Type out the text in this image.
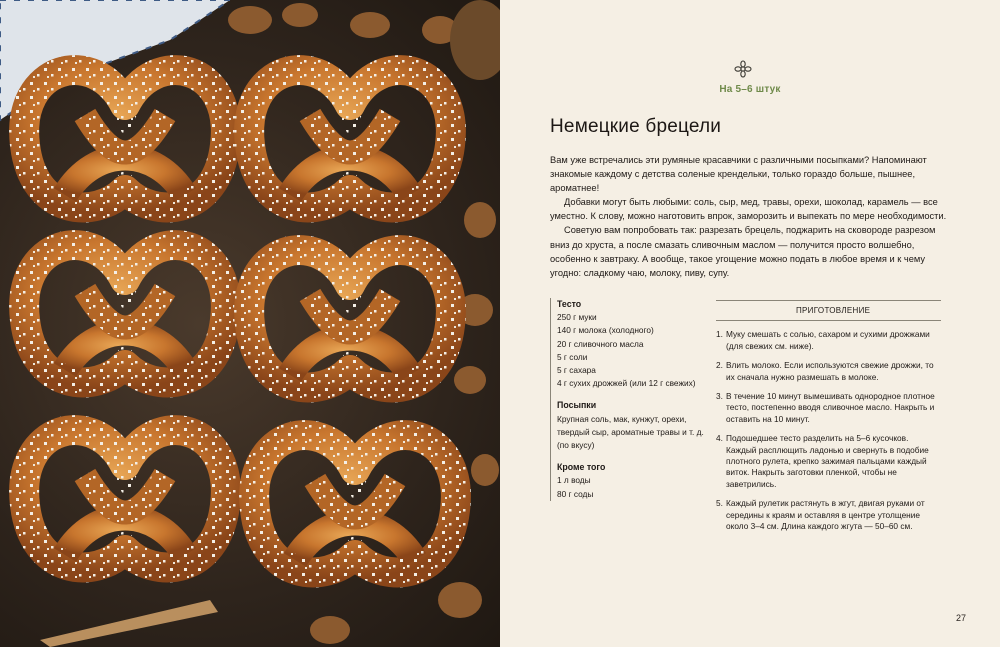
На 5–6 штук
Немецкие брецели

Вам уже встречались эти румяные красавчики с различными посыпками? Напоминают знакомые каждому с детства соленые крендельки, только гораздо больше, пышнее, ароматнее!

Добавки могут быть любыми: соль, сыр, мед, травы, орехи, шоколад, карамель — все уместно. К слову, можно наготовить впрок, заморозить и выпекать по мере необходимости.

Советую вам попробовать так: разрезать брецель, поджарить на сковороде разрезом вниз до хруста, а после смазать сливочным маслом — получится просто волшебно, особенно к завтраку. А вообще, такое угощение можно подать в любое время и к чему угодно: сладкому чаю, молоку, пиву, супу.

Тесто
250 г муки
140 г молока (холодного)
20 г сливочного масла
5 г соли
5 г сахара
4 г сухих дрожжей (или 12 г свежих)
Посыпки
Крупная соль, мак, кунжут, орехи, твердый сыр, ароматные травы и т. д. (по вкусу)
Кроме того
1 л воды
80 г соды
ПРИГОТОВЛЕНИЕ
1. Муку смешать с солью, сахаром и сухими дрожжами (для свежих см. ниже).
2. Влить молоко. Если используются свежие дрожжи, то их сначала нужно размешать в молоке.
3. В течение 10 минут вымешивать однородное плотное тесто, постепенно вводя сливочное масло. Накрыть и оставить на 10 минут.
4. Подошедшее тесто разделить на 5–6 кусочков. Каждый расплющить ладонью и свернуть в подобие плотного рулета, крепко зажимая пальцами каждый виток. Накрыть заготовки пленкой, чтобы не заветрились.
5. Каждый рулетик растянуть в жгут, двигая руками от середины к краям и оставляя в центре утолщение около 3–4 см. Длина каждого жгута — 50–60 см.
27
